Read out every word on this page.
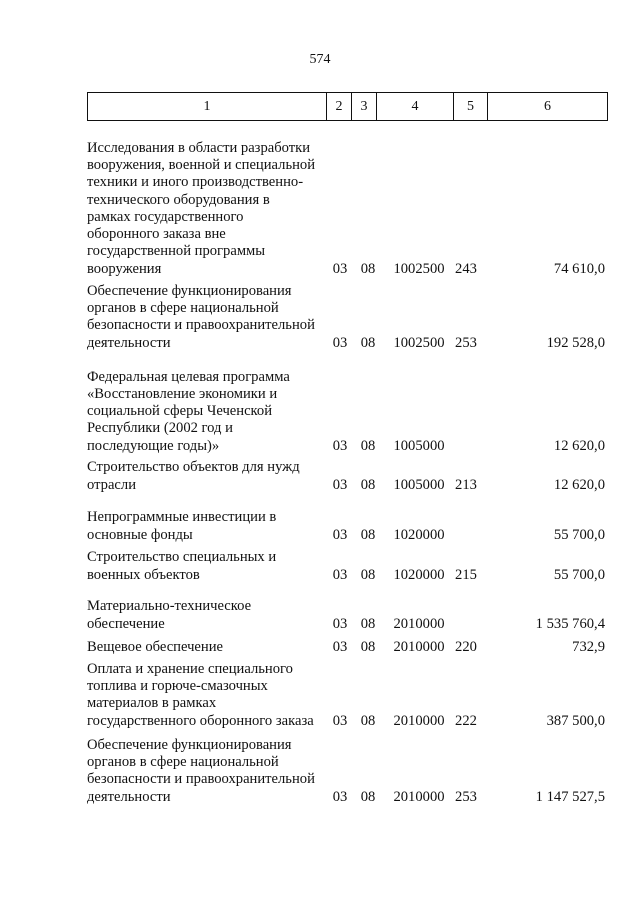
574
1	2	3	4	5	6
Исследования в области разработки
вооружения, военной и специальной
техники и иного производственно-
технического оборудования в
рамках государственного
оборонного заказа вне
государственной программы
вооружения	03 08	1002500 243	74 610,0
Обеспечение функционирования
органов в сфере национальной
безопасности и правоохранительной
деятельности	03 08	1002500 253	192 528,0
Федеральная целевая программа
«Восстановление экономики и
социальной сферы Чеченской
Республики (2002 год и
последующие годы)»	03 08	1005000	12 620,0
Строительство объектов для нужд
отрасли	03 08	1005000 213	12 620,0
Непрограммные инвестиции в
основные фонды	03 08	1020000	55 700,0
Строительство специальных и
военных объектов	03 08	1020000 215	55 700,0
Материально-техническое
обеспечение	03 08	2010000	1 535 760,4
Вещевое обеспечение	03 08	2010000 220	732,9
Оплата и хранение специального
топлива и горюче-смазочных
материалов в рамках
государственного оборонного заказа	03 08	2010000 222	387 500,0
Обеспечение функционирования
органов в сфере национальной
безопасности и правоохранительной
деятельности	03 08	2010000 253	1 147 527,5
